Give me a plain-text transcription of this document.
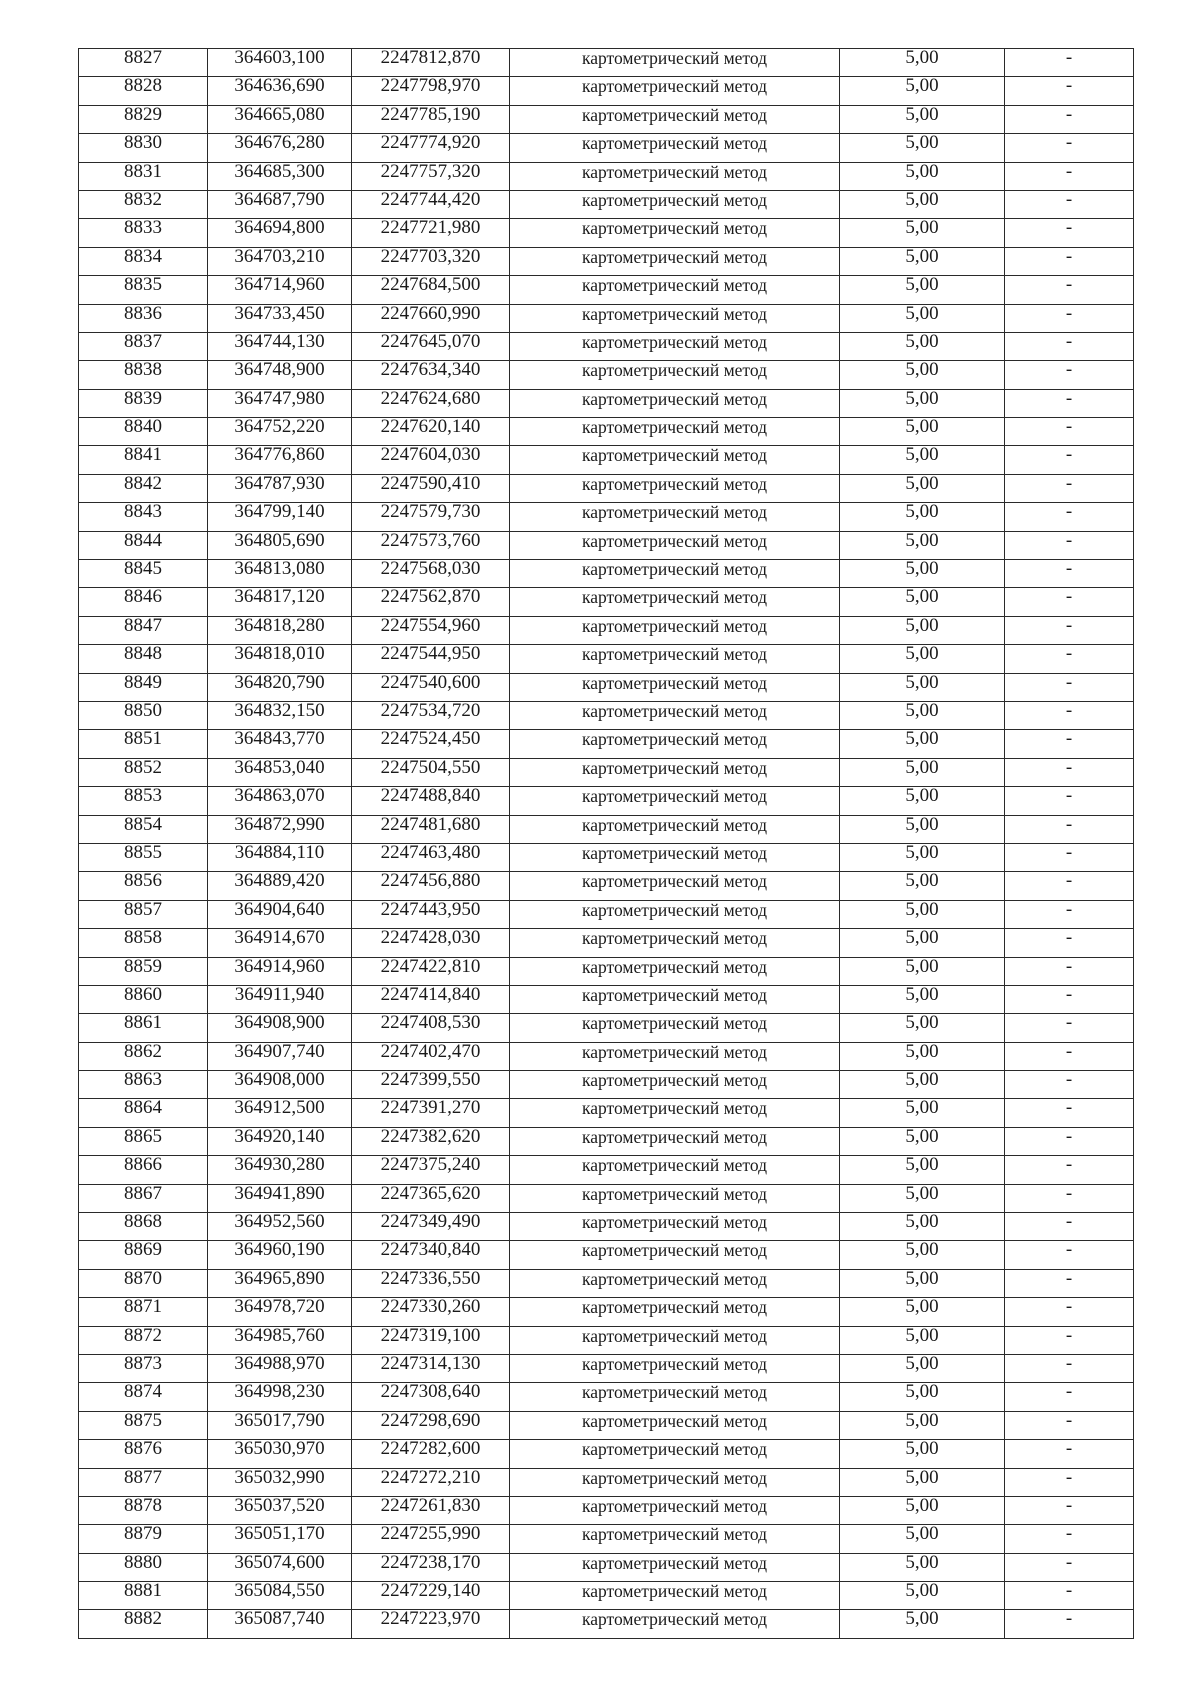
8827	364603,100	2247812,870	картометрический метод	5,00	-
8828	364636,690	2247798,970	картометрический метод	5,00	-
8829	364665,080	2247785,190	картометрический метод	5,00	-
8830	364676,280	2247774,920	картометрический метод	5,00	-
8831	364685,300	2247757,320	картометрический метод	5,00	-
8832	364687,790	2247744,420	картометрический метод	5,00	-
8833	364694,800	2247721,980	картометрический метод	5,00	-
8834	364703,210	2247703,320	картометрический метод	5,00	-
8835	364714,960	2247684,500	картометрический метод	5,00	-
8836	364733,450	2247660,990	картометрический метод	5,00	-
8837	364744,130	2247645,070	картометрический метод	5,00	-
8838	364748,900	2247634,340	картометрический метод	5,00	-
8839	364747,980	2247624,680	картометрический метод	5,00	-
8840	364752,220	2247620,140	картометрический метод	5,00	-
8841	364776,860	2247604,030	картометрический метод	5,00	-
8842	364787,930	2247590,410	картометрический метод	5,00	-
8843	364799,140	2247579,730	картометрический метод	5,00	-
8844	364805,690	2247573,760	картометрический метод	5,00	-
8845	364813,080	2247568,030	картометрический метод	5,00	-
8846	364817,120	2247562,870	картометрический метод	5,00	-
8847	364818,280	2247554,960	картометрический метод	5,00	-
8848	364818,010	2247544,950	картометрический метод	5,00	-
8849	364820,790	2247540,600	картометрический метод	5,00	-
8850	364832,150	2247534,720	картометрический метод	5,00	-
8851	364843,770	2247524,450	картометрический метод	5,00	-
8852	364853,040	2247504,550	картометрический метод	5,00	-
8853	364863,070	2247488,840	картометрический метод	5,00	-
8854	364872,990	2247481,680	картометрический метод	5,00	-
8855	364884,110	2247463,480	картометрический метод	5,00	-
8856	364889,420	2247456,880	картометрический метод	5,00	-
8857	364904,640	2247443,950	картометрический метод	5,00	-
8858	364914,670	2247428,030	картометрический метод	5,00	-
8859	364914,960	2247422,810	картометрический метод	5,00	-
8860	364911,940	2247414,840	картометрический метод	5,00	-
8861	364908,900	2247408,530	картометрический метод	5,00	-
8862	364907,740	2247402,470	картометрический метод	5,00	-
8863	364908,000	2247399,550	картометрический метод	5,00	-
8864	364912,500	2247391,270	картометрический метод	5,00	-
8865	364920,140	2247382,620	картометрический метод	5,00	-
8866	364930,280	2247375,240	картометрический метод	5,00	-
8867	364941,890	2247365,620	картометрический метод	5,00	-
8868	364952,560	2247349,490	картометрический метод	5,00	-
8869	364960,190	2247340,840	картометрический метод	5,00	-
8870	364965,890	2247336,550	картометрический метод	5,00	-
8871	364978,720	2247330,260	картометрический метод	5,00	-
8872	364985,760	2247319,100	картометрический метод	5,00	-
8873	364988,970	2247314,130	картометрический метод	5,00	-
8874	364998,230	2247308,640	картометрический метод	5,00	-
8875	365017,790	2247298,690	картометрический метод	5,00	-
8876	365030,970	2247282,600	картометрический метод	5,00	-
8877	365032,990	2247272,210	картометрический метод	5,00	-
8878	365037,520	2247261,830	картометрический метод	5,00	-
8879	365051,170	2247255,990	картометрический метод	5,00	-
8880	365074,600	2247238,170	картометрический метод	5,00	-
8881	365084,550	2247229,140	картометрический метод	5,00	-
8882	365087,740	2247223,970	картометрический метод	5,00	-
